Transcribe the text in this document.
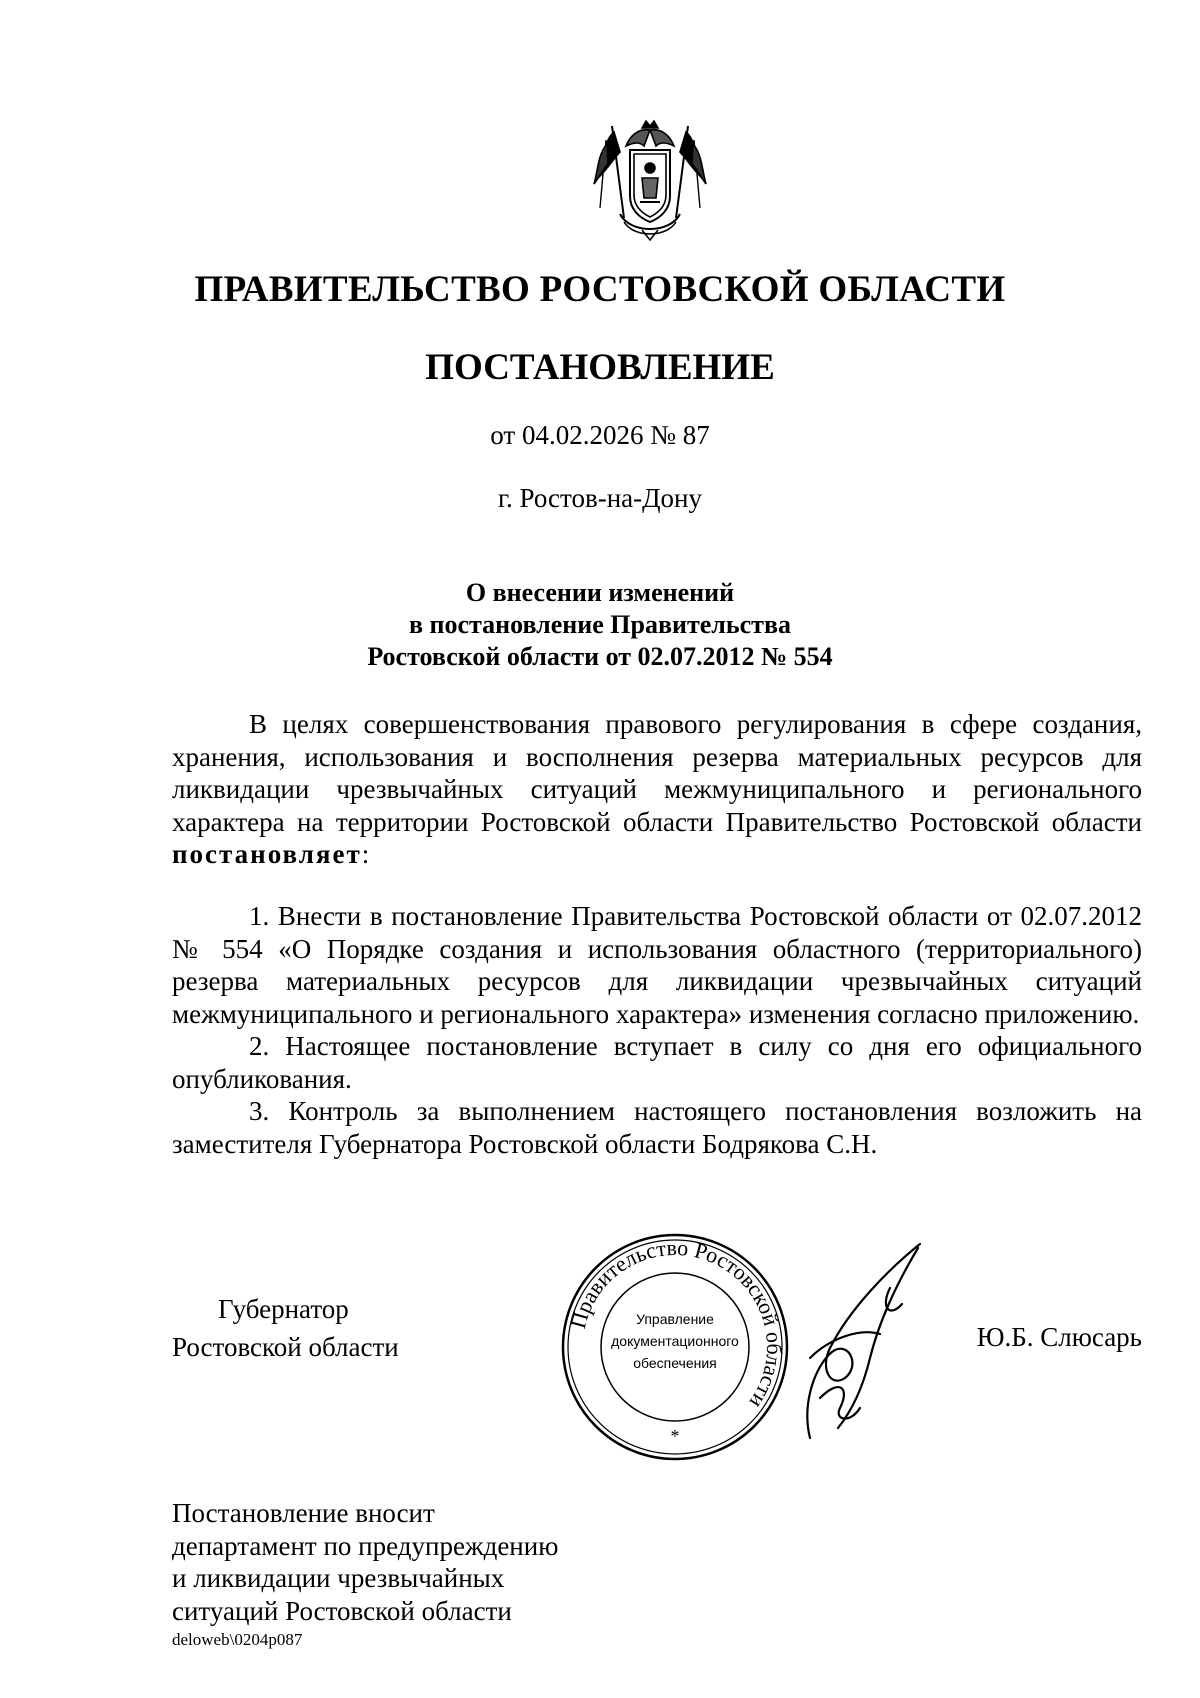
ПРАВИТЕЛЬСТВО РОСТОВСКОЙ ОБЛАСТИ
ПОСТАНОВЛЕНИЕ
от 04.02.2026 № 87
г. Ростов-на-Дону
О внесении изменений
в постановление Правительства
Ростовской области от 02.07.2012 № 554

В целях совершенствования правового регулирования в сфере создания, хранения, использования и восполнения резерва материальных ресурсов для ликвидации чрезвычайных ситуаций межмуниципального и регионального характера на территории Ростовской области Правительство Ростовской области постановляет:

1. Внести в постановление Правительства Ростовской области от 02.07.2012 № 554 «О Порядке создания и использования областного (территориального) резерва материальных ресурсов для ликвидации чрезвычайных ситуаций межмуниципального и регионального характера» изменения согласно приложению.

2. Настоящее постановление вступает в силу со дня его официального опубликования.

3. Контроль за выполнением настоящего постановления возложить на заместителя Губернатора Ростовской области Бодрякова С.Н.

Губернатор
Ростовской области
Правительство Ростовской области
Управление
документационного
обеспечения
*
Ю.Б. Слюсарь
Постановление вносит
департамент по предупреждению
и ликвидации чрезвычайных
ситуаций Ростовской области
deloweb\0204p087
